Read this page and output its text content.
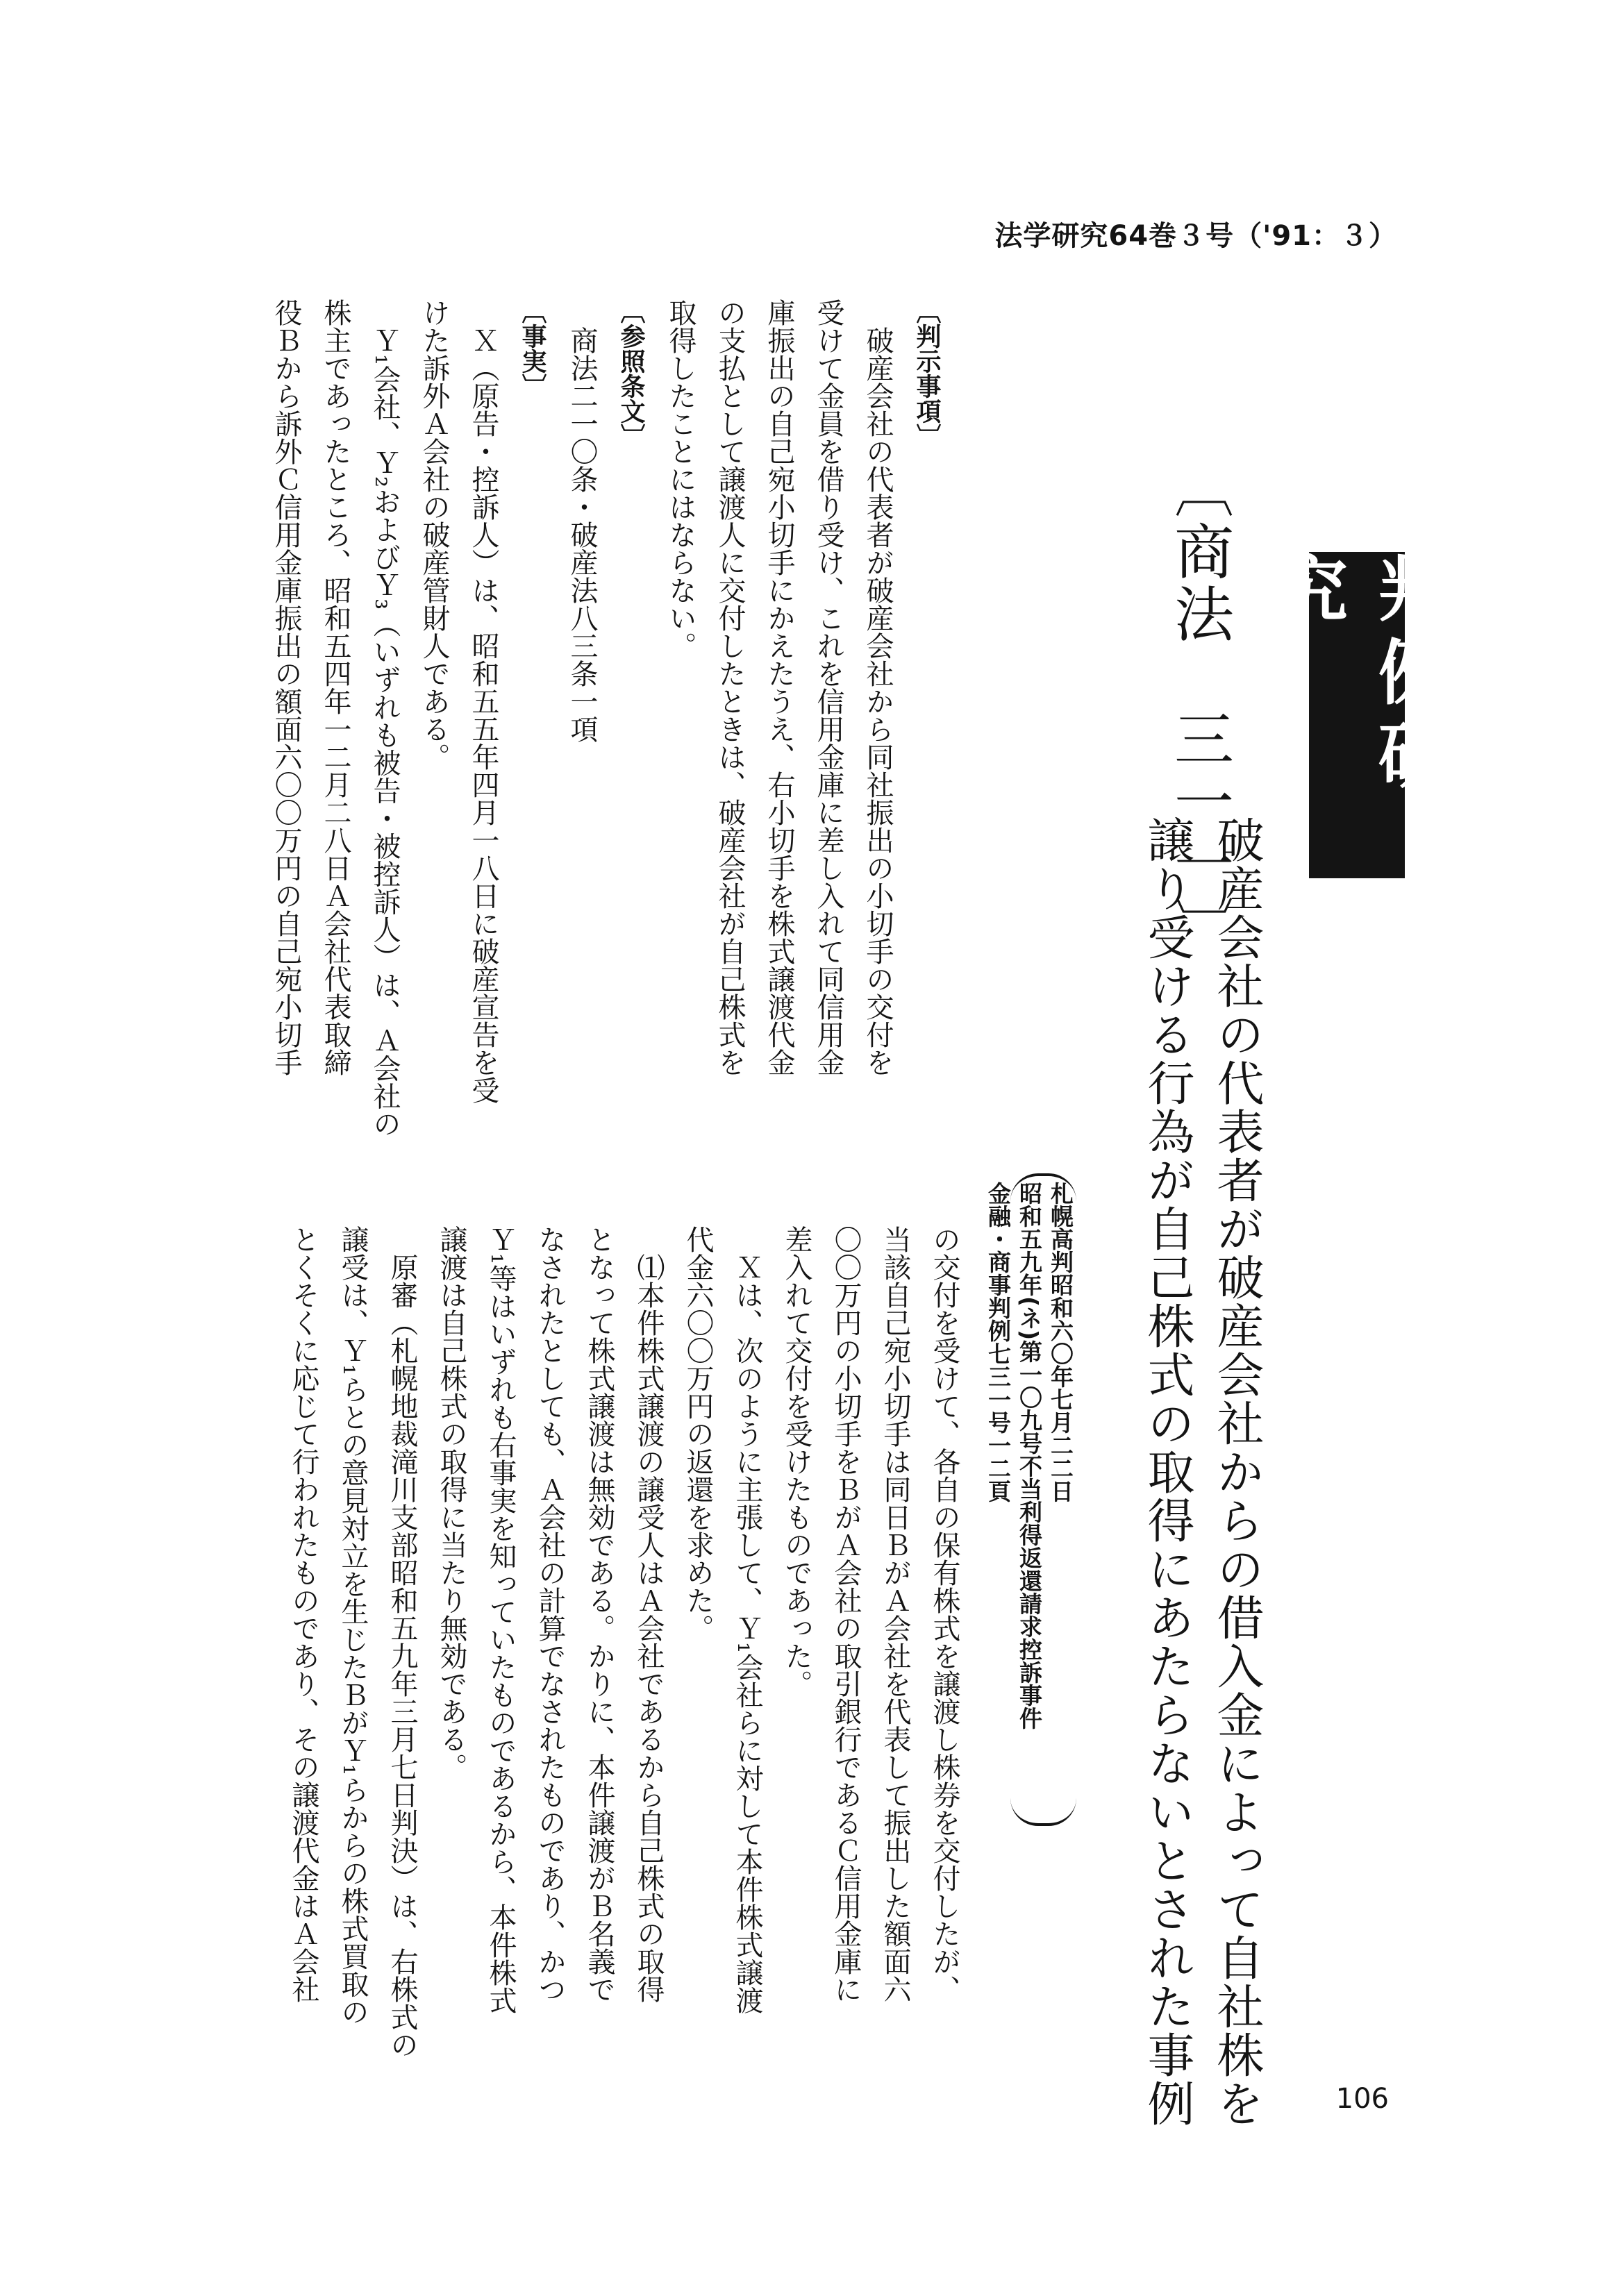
法学研究64巻３号（'91：３）
判例研究
〔商法　三一一〕
破産会社の代表者が破産会社からの借入金によって自社株を
譲り受ける行為が自己株式の取得にあたらないとされた事例
札幌高判昭和六〇年七月二二日
昭和五九年(ネ)第一〇九号不当利得返還請求控訴事件
金融・商事判例七三一号一二頁
〔判示事項〕
破産会社の代表者が破産会社から同社振出の小切手の交付を
受けて金員を借り受け、これを信用金庫に差し入れて同信用金
庫振出の自己宛小切手にかえたうえ、右小切手を株式譲渡代金
の支払として譲渡人に交付したときは、破産会社が自己株式を
取得したことにはならない。
〔参照条文〕
商法二一〇条・破産法八三条一項
〔事実〕
Ｘ（原告・控訴人）は、昭和五五年四月一八日に破産宣告を受
けた訴外Ａ会社の破産管財人である。
Ｙ₁会社、Ｙ₂およびＹ₃（いずれも被告・被控訴人）は、Ａ会社の
株主であったところ、昭和五四年一二月二八日Ａ会社代表取締
役Ｂから訴外Ｃ信用金庫振出の額面六〇〇万円の自己宛小切手
の交付を受けて、各自の保有株式を譲渡し株券を交付したが、
当該自己宛小切手は同日ＢがＡ会社を代表して振出した額面六
〇〇万円の小切手をＢがＡ会社の取引銀行であるＣ信用金庫に
差入れて交付を受けたものであった。
Ｘは、次のように主張して、Ｙ₁会社らに対して本件株式譲渡
代金六〇〇万円の返還を求めた。
⑴本件株式譲渡の譲受人はＡ会社であるから自己株式の取得
となって株式譲渡は無効である。かりに、本件譲渡がＢ名義で
なされたとしても、Ａ会社の計算でなされたものであり、かつ
Ｙ₁等はいずれも右事実を知っていたものであるから、本件株式
譲渡は自己株式の取得に当たり無効である。
原審（札幌地裁滝川支部昭和五九年三月七日判決）は、右株式の
譲受は、Ｙ₁らとの意見対立を生じたＢがＹ₁らからの株式買取の
とくそくに応じて行われたものであり、その譲渡代金はＡ会社
106
